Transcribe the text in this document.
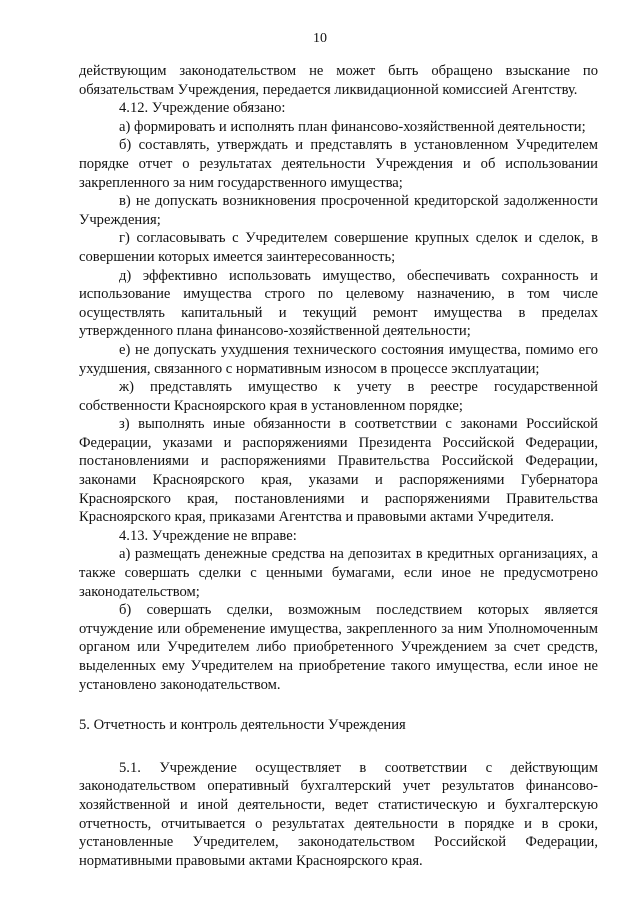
10

действующим законодательством не может быть обращено взыскание по обязательствам Учреждения, передается ликвидационной комиссией Агентству.

4.12. Учреждение обязано:

а) формировать и исполнять план финансово-хозяйственной деятельности;

б) составлять, утверждать и представлять в установленном Учредителем порядке отчет о результатах деятельности Учреждения и об использовании закрепленного за ним государственного имущества;

в) не допускать возникновения просроченной кредиторской задолженности Учреждения;

г) согласовывать с Учредителем совершение крупных сделок и сделок, в совершении которых имеется заинтересованность;

д) эффективно использовать имущество, обеспечивать сохранность и использование имущества строго по целевому назначению, в том числе осуществлять капитальный и текущий ремонт имущества в пределах утвержденного плана финансово-хозяйственной деятельности;

е) не допускать ухудшения технического состояния имущества, помимо его ухудшения, связанного с нормативным износом в процессе эксплуатации;

ж) представлять имущество к учету в реестре государственной собственности Красноярского края в установленном порядке;

з) выполнять иные обязанности в соответствии с законами Российской Федерации, указами и распоряжениями Президента Российской Федерации, постановлениями и распоряжениями Правительства Российской Федерации, законами Красноярского края, указами и распоряжениями Губернатора Красноярского края, постановлениями и распоряжениями Правительства Красноярского края, приказами Агентства и правовыми актами Учредителя.

4.13. Учреждение не вправе:

а) размещать денежные средства на депозитах в кредитных организациях, а также совершать сделки с ценными бумагами, если иное не предусмотрено законодательством;

б) совершать сделки, возможным последствием которых является отчуждение или обременение имущества, закрепленного за ним Уполномоченным органом или Учредителем либо приобретенного Учреждением за счет средств, выделенных ему Учредителем на приобретение такого имущества, если иное не установлено законодательством.

5. Отчетность и контроль деятельности Учреждения

5.1. Учреждение осуществляет в соответствии с действующим законодательством оперативный бухгалтерский учет результатов финансово-хозяйственной и иной деятельности, ведет статистическую и бухгалтерскую отчетность, отчитывается о результатах деятельности в порядке и в сроки, установленные Учредителем, законодательством Российской Федерации, нормативными правовыми актами Красноярского края.
